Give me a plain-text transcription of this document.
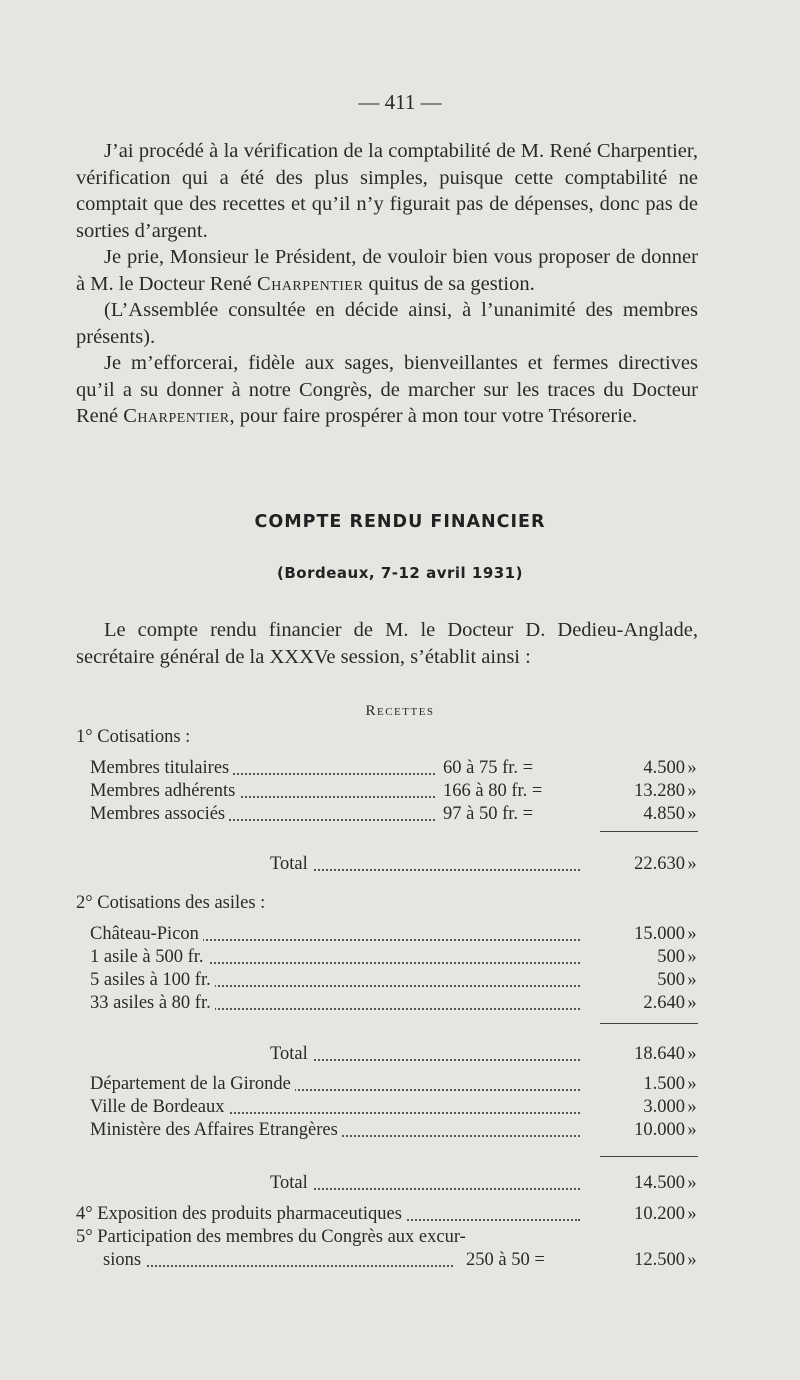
— 411 —

J’ai procédé à la vérification de la comptabilité de M. René Charpentier, vérification qui a été des plus simples, puisque cette comptabilité ne comptait que des recettes et qu’il n’y figurait pas de dépenses, donc pas de sorties d’argent.

Je prie, Monsieur le Président, de vouloir bien vous proposer de donner à M. le Docteur René Charpentier quitus de sa gestion.

(L’Assemblée consultée en décide ainsi, à l’unanimité des membres présents).

Je m’efforcerai, fidèle aux sages, bienveillantes et fermes directives qu’il a su donner à notre Congrès, de marcher sur les traces du Docteur René Charpentier, pour faire prospérer à mon tour votre Trésorerie.

COMPTE RENDU FINANCIER
(Bordeaux, 7-12 avril 1931)

Le compte rendu financier de M. le Docteur D. Dedieu-Anglade, secrétaire général de la XXXVe session, s’établit ainsi :

Recettes
1° Cotisations :
Membres titulaires	60 à 75 fr. =	4.500 »
Membres adhérents	166 à 80 fr. =	13.280 »
Membres associés	97 à 50 fr. =	4.850 »
Total	22.630 »
2° Cotisations des asiles :
Château-Picon	15.000 »
1 asile à 500 fr.	500 »
5 asiles à 100 fr.	500 »
33 asiles à 80 fr.	2.640 »
Total	18.640 »
Département de la Gironde	1.500 »
Ville de Bordeaux	3.000 »
Ministère des Affaires Etrangères	10.000 »
Total	14.500 »
4° Exposition des produits pharmaceutiques	10.200 »
5° Participation des membres du Congrès aux excur-
sions	250 à 50 =	12.500 »
